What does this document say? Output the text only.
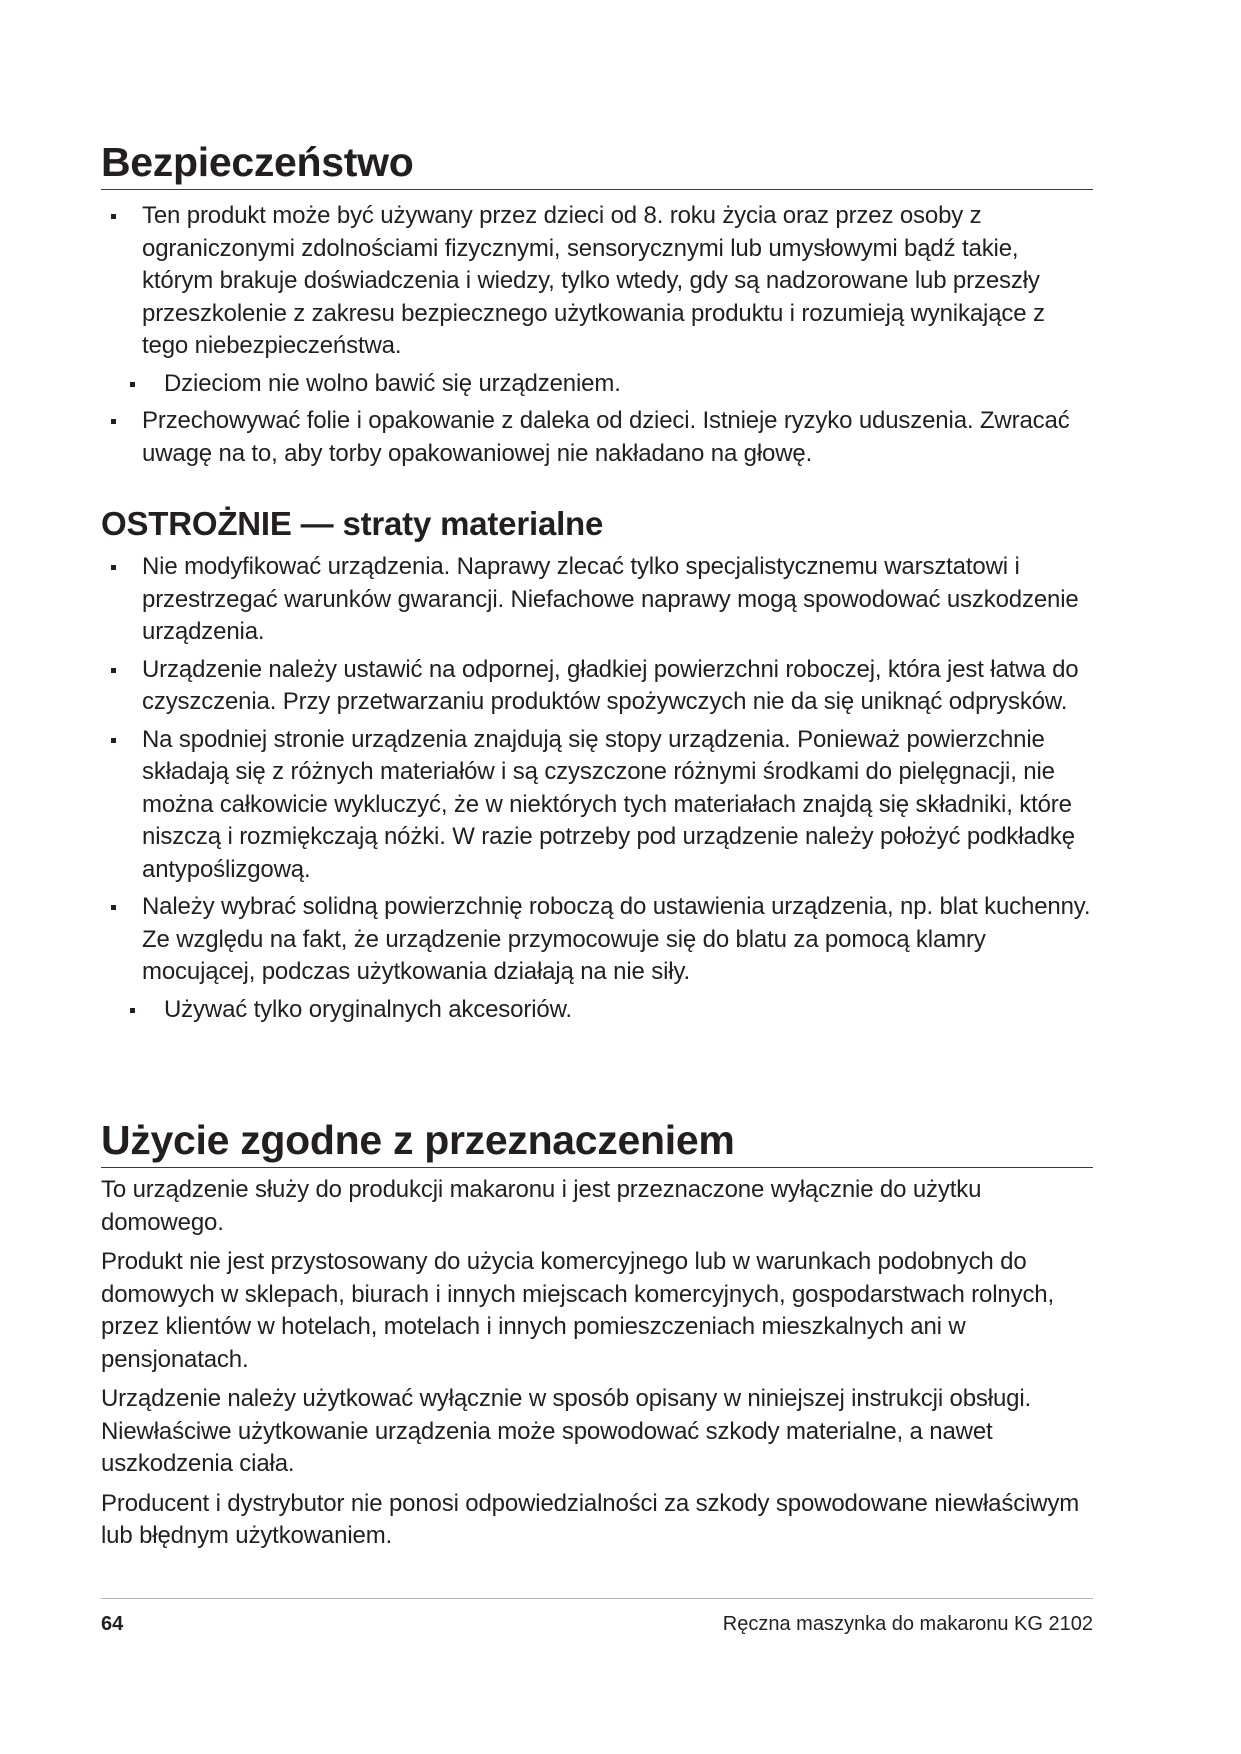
Bezpieczeństwo
Ten produkt może być używany przez dzieci od 8. roku życia oraz przez osoby z ograniczonymi zdolnościami fizycznymi, sensorycznymi lub umysłowymi bądź takie, którym brakuje doświadczenia i wiedzy, tylko wtedy, gdy są nadzorowane lub przeszły przeszkolenie z zakresu bezpiecznego użytkowania produktu i rozumieją wynikające z tego niebezpieczeństwa.
Dzieciom nie wolno bawić się urządzeniem.
Przechowywać folie i opakowanie z daleka od dzieci. Istnieje ryzyko uduszenia. Zwracać uwagę na to, aby torby opakowaniowej nie nakładano na głowę.
OSTROŻNIE — straty materialne
Nie modyfikować urządzenia. Naprawy zlecać tylko specjalistycznemu warsztatowi i przestrzegać warunków gwarancji. Niefachowe naprawy mogą spowodować uszkodzenie urządzenia.
Urządzenie należy ustawić na odpornej, gładkiej powierzchni roboczej, która jest łatwa do czyszczenia. Przy przetwarzaniu produktów spożywczych nie da się uniknąć odprysków.
Na spodniej stronie urządzenia znajdują się stopy urządzenia. Ponieważ powierzchnie składają się z różnych materiałów i są czyszczone różnymi środkami do pielęgnacji, nie można całkowicie wykluczyć, że w niektórych tych materiałach znajdą się składniki, które niszczą i rozmiękczają nóżki. W razie potrzeby pod urządzenie należy położyć podkładkę antypoślizgową.
Należy wybrać solidną powierzchnię roboczą do ustawienia urządzenia, np. blat kuchenny. Ze względu na fakt, że urządzenie przymocowuje się do blatu za pomocą klamry mocującej, podczas użytkowania działają na nie siły.
Używać tylko oryginalnych akcesoriów.
Użycie zgodne z przeznaczeniem

To urządzenie służy do produkcji makaronu i jest przeznaczone wyłącznie do użytku domowego.

Produkt nie jest przystosowany do użycia komercyjnego lub w warunkach podobnych do domowych w sklepach, biurach i innych miejscach komercyjnych, gospodarstwach rolnych, przez klientów w hotelach, motelach i innych pomieszczeniach mieszkalnych ani w pensjonatach.

Urządzenie należy użytkować wyłącznie w sposób opisany w niniejszej instrukcji obsługi. Niewłaściwe użytkowanie urządzenia może spowodować szkody materialne, a nawet uszkodzenia ciała.

Producent i dystrybutor nie ponosi odpowiedzialności za szkody spowodowane niewłaściwym lub błędnym użytkowaniem.

64	Ręczna maszynka do makaronu KG 2102
